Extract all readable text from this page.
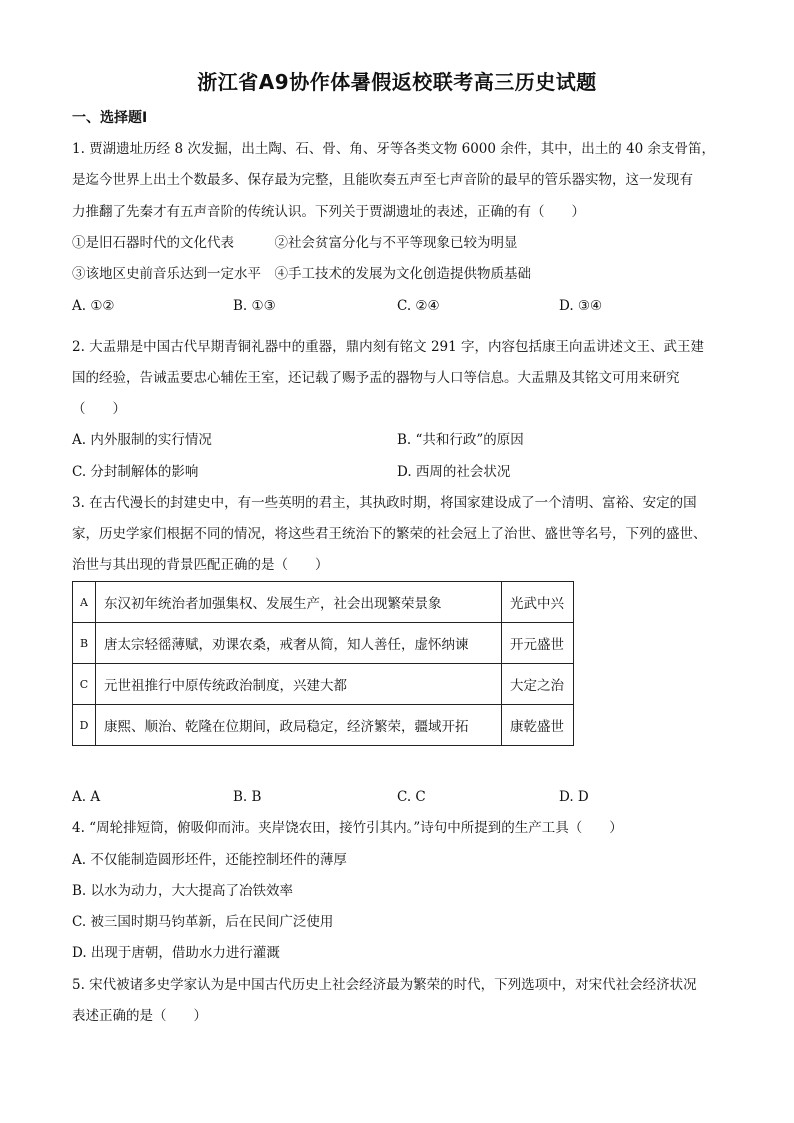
浙江省A9协作体暑假返校联考高三历史试题
一、选择题Ⅰ
1. 贾湖遗址历经 8 次发掘，出土陶、石、骨、角、牙等各类文物 6000 余件，其中，出土的 40 余支骨笛，
是迄今世界上出土个数最多、保存最为完整，且能吹奏五声至七声音阶的最早的管乐器实物，这一发现有
力推翻了先秦才有五声音阶的传统认识。下列关于贾湖遗址的表述，正确的有（　　）
①是旧石器时代的文化代表　　　②社会贫富分化与不平等现象已较为明显
③该地区史前音乐达到一定水平　④手工技术的发展为文化创造提供物质基础
A. ①②	B. ①③	C. ②④	D. ③④
2. 大盂鼎是中国古代早期青铜礼器中的重器，鼎内刻有铭文 291 字，内容包括康王向盂讲述文王、武王建
国的经验，告诫盂要忠心辅佐王室，还记载了赐予盂的器物与人口等信息。大盂鼎及其铭文可用来研究
（　　）
A. 内外服制的实行情况	B. “共和行政”的原因
C. 分封制解体的影响	D. 西周的社会状况
3. 在古代漫长的封建史中，有一些英明的君主，其执政时期，将国家建设成了一个清明、富裕、安定的国
家，历史学家们根据不同的情况，将这些君王统治下的繁荣的社会冠上了治世、盛世等名号，下列的盛世、
治世与其出现的背景匹配正确的是（　　）
A	东汉初年统治者加强集权、发展生产，社会出现繁荣景象	光武中兴
B	唐太宗轻徭薄赋，劝课农桑，戒奢从简，知人善任，虚怀纳谏	开元盛世
C	元世祖推行中原传统政治制度，兴建大都	大定之治
D	康熙、顺治、乾隆在位期间，政局稳定，经济繁荣，疆域开拓	康乾盛世
A. A	B. B	C. C	D. D
4. “周轮排短筒，俯吸仰而沛。夹岸饶农田，接竹引其内。”诗句中所提到的生产工具（　　）
A. 不仅能制造圆形坯件，还能控制坯件的薄厚
B. 以水为动力，大大提高了冶铁效率
C. 被三国时期马钧革新，后在民间广泛使用
D. 出现于唐朝，借助水力进行灌溉
5. 宋代被诸多史学家认为是中国古代历史上社会经济最为繁荣的时代，下列选项中，对宋代社会经济状况
表述正确的是（　　）
